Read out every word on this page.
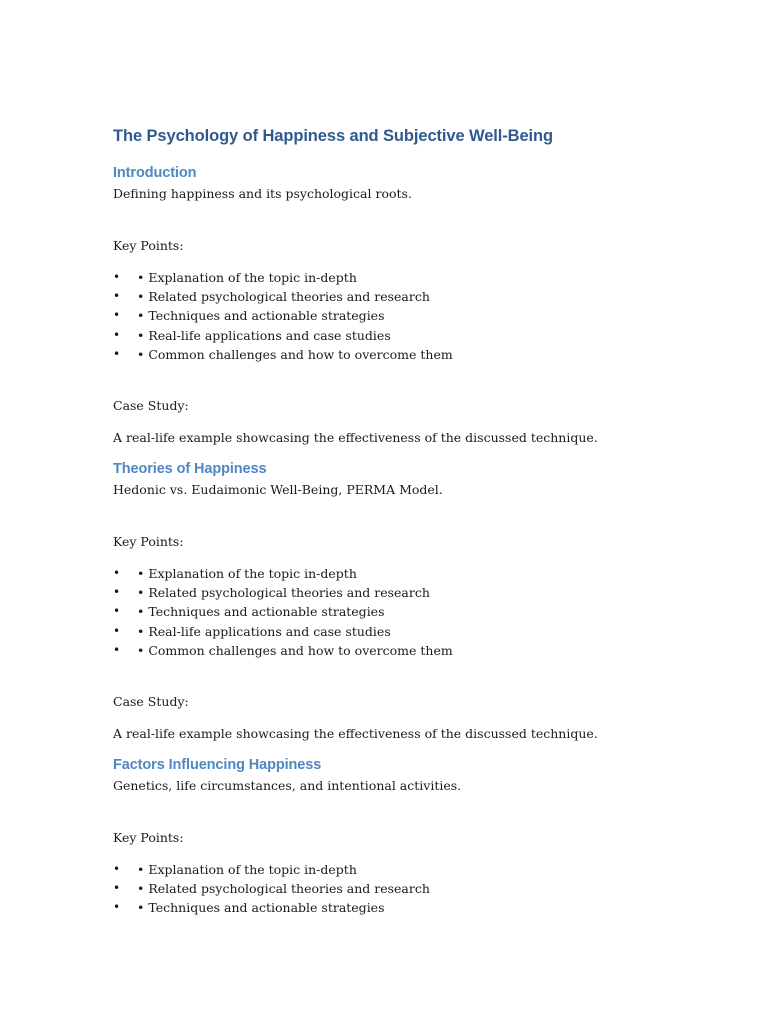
The Psychology of Happiness and Subjective Well-Being
Introduction

Defining happiness and its psychological roots.

Key Points:

• • Explanation of the topic in-depth
• • Related psychological theories and research
• • Techniques and actionable strategies
• • Real-life applications and case studies
• • Common challenges and how to overcome them

Case Study:

A real-life example showcasing the effectiveness of the discussed technique.

Theories of Happiness

Hedonic vs. Eudaimonic Well-Being, PERMA Model.

Key Points:

• • Explanation of the topic in-depth
• • Related psychological theories and research
• • Techniques and actionable strategies
• • Real-life applications and case studies
• • Common challenges and how to overcome them

Case Study:

A real-life example showcasing the effectiveness of the discussed technique.

Factors Influencing Happiness

Genetics, life circumstances, and intentional activities.

Key Points:

• • Explanation of the topic in-depth
• • Related psychological theories and research
• • Techniques and actionable strategies
